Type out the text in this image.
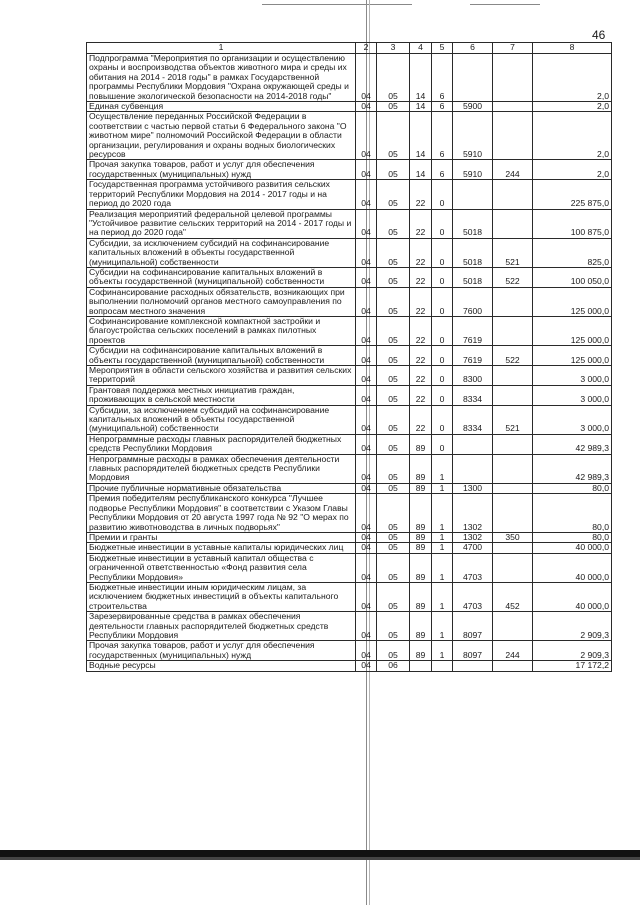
46
1	2	3	4	5	6	7	8
Подпрограмма "Мероприятия по организации и осуществлению охраны и воспроизводства объектов животного мира и среды их обитания на 2014 - 2018 годы" в рамках Государственной программы Республики Мордовия "Охрана окружающей среды и повышение экологической безопасности на 2014-2018 годы"	04	05	14	6			2,0
Единая субвенция	04	05	14	6	5900		2,0
Осуществление переданных Российской Федерации в соответствии с частью первой статьи 6 Федерального закона "О животном мире" полномочий Российской Федерации в области организации, регулирования и охраны водных биологических ресурсов	04	05	14	6	5910		2,0
Прочая закупка товаров, работ и услуг для обеспечения государственных (муниципальных) нужд	04	05	14	6	5910	244	2,0
Государственная программа устойчивого развития сельских территорий Республики Мордовия на 2014 - 2017 годы и на период до 2020 года	04	05	22	0			225 875,0
Реализация мероприятий федеральной целевой программы "Устойчивое развитие сельских территорий на 2014 - 2017 годы и на период до 2020 года"	04	05	22	0	5018		100 875,0
Субсидии, за исключением субсидий на софинансирование капитальных вложений в объекты государственной (муниципальной) собственности	04	05	22	0	5018	521	825,0
Субсидии на софинансирование капитальных вложений в объекты государственной (муниципальной) собственности	04	05	22	0	5018	522	100 050,0
Софинансирование расходных обязательств, возникающих при выполнении полномочий органов местного самоуправления по вопросам местного значения	04	05	22	0	7600		125 000,0
Софинансирование комплексной компактной застройки и благоустройства сельских поселений в рамках пилотных проектов	04	05	22	0	7619		125 000,0
Субсидии на софинансирование капитальных вложений в объекты государственной (муниципальной) собственности	04	05	22	0	7619	522	125 000,0
Мероприятия в области сельского хозяйства и развития сельских территорий	04	05	22	0	8300		3 000,0
Грантовая поддержка местных инициатив граждан, проживающих в сельской местности	04	05	22	0	8334		3 000,0
Субсидии, за исключением субсидий на софинансирование капитальных вложений в объекты государственной (муниципальной) собственности	04	05	22	0	8334	521	3 000,0
Непрограммные расходы главных распорядителей бюджетных средств Республики Мордовия	04	05	89	0			42 989,3
Непрограммные расходы в рамках обеспечения деятельности главных распорядителей бюджетных средств Республики Мордовия	04	05	89	1			42 989,3
Прочие публичные нормативные обязательства	04	05	89	1	1300		80,0
Премия победителям республиканского конкурса "Лучшее подворье Республики Мордовия" в соответствии с Указом Главы Республики Мордовия от 20 августа 1997 года № 92 "О мерах по развитию животноводства в личных подворьях"	04	05	89	1	1302		80,0
Премии и гранты	04	05	89	1	1302	350	80,0
Бюджетные инвестиции в уставные капиталы юридических лиц	04	05	89	1	4700		40 000,0
Бюджетные инвестиции в уставный капитал общества с ограниченной ответственностью «Фонд развития села Республики Мордовия»	04	05	89	1	4703		40 000,0
Бюджетные инвестиции иным юридическим лицам, за исключением бюджетных инвестиций в объекты капитального строительства	04	05	89	1	4703	452	40 000,0
Зарезервированные средства в рамках обеспечения деятельности главных распорядителей бюджетных средств Республики Мордовия	04	05	89	1	8097		2 909,3
Прочая закупка товаров, работ и услуг для обеспечения государственных (муниципальных) нужд	04	05	89	1	8097	244	2 909,3
Водные ресурсы	04	06					17 172,2
